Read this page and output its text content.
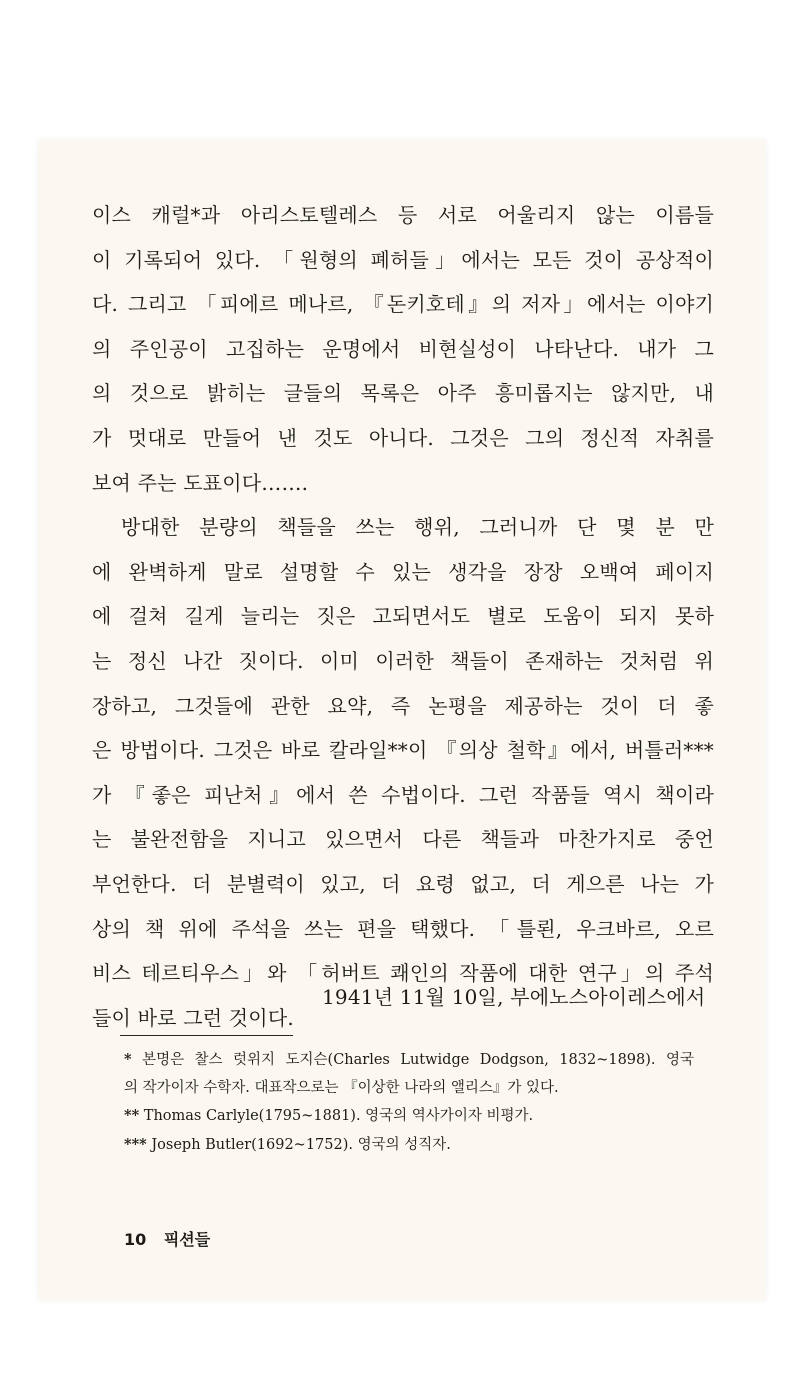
이스 캐럴*과 아리스토텔레스 등 서로 어울리지 않는 이름들
이 기록되어 있다. 「원형의 폐허들」에서는 모든 것이 공상적이
다. 그리고 「피에르 메나르, 『돈키호테』의 저자」에서는 이야기
의 주인공이 고집하는 운명에서 비현실성이 나타난다. 내가 그
의 것으로 밝히는 글들의 목록은 아주 흥미롭지는 않지만, 내
가 멋대로 만들어 낸 것도 아니다. 그것은 그의 정신적 자취를
보여 주는 도표이다…….
방대한 분량의 책들을 쓰는 행위, 그러니까 단 몇 분 만
에 완벽하게 말로 설명할 수 있는 생각을 장장 오백여 페이지
에 걸쳐 길게 늘리는 짓은 고되면서도 별로 도움이 되지 못하
는 정신 나간 짓이다. 이미 이러한 책들이 존재하는 것처럼 위
장하고, 그것들에 관한 요약, 즉 논평을 제공하는 것이 더 좋
은 방법이다. 그것은 바로 칼라일**이 『의상 철학』에서, 버틀러***
가 『좋은 피난처』에서 쓴 수법이다. 그런 작품들 역시 책이라
는 불완전함을 지니고 있으면서 다른 책들과 마찬가지로 중언
부언한다. 더 분별력이 있고, 더 요령 없고, 더 게으른 나는 가
상의 책 위에 주석을 쓰는 편을 택했다. 「틀뢴, 우크바르, 오르
비스 테르티우스」와 「허버트 쾌인의 작품에 대한 연구」의 주석
들이 바로 그런 것이다.
1941년 11월 10일, 부에노스아이레스에서
* 본명은 찰스 럿위지 도지슨(Charles Lutwidge Dodgson, 1832~1898). 영국
의 작가이자 수학자. 대표작으로는 『이상한 나라의 앨리스』가 있다.
** Thomas Carlyle(1795~1881). 영국의 역사가이자 비평가.
*** Joseph Butler(1692~1752). 영국의 성직자.
10 픽션들
